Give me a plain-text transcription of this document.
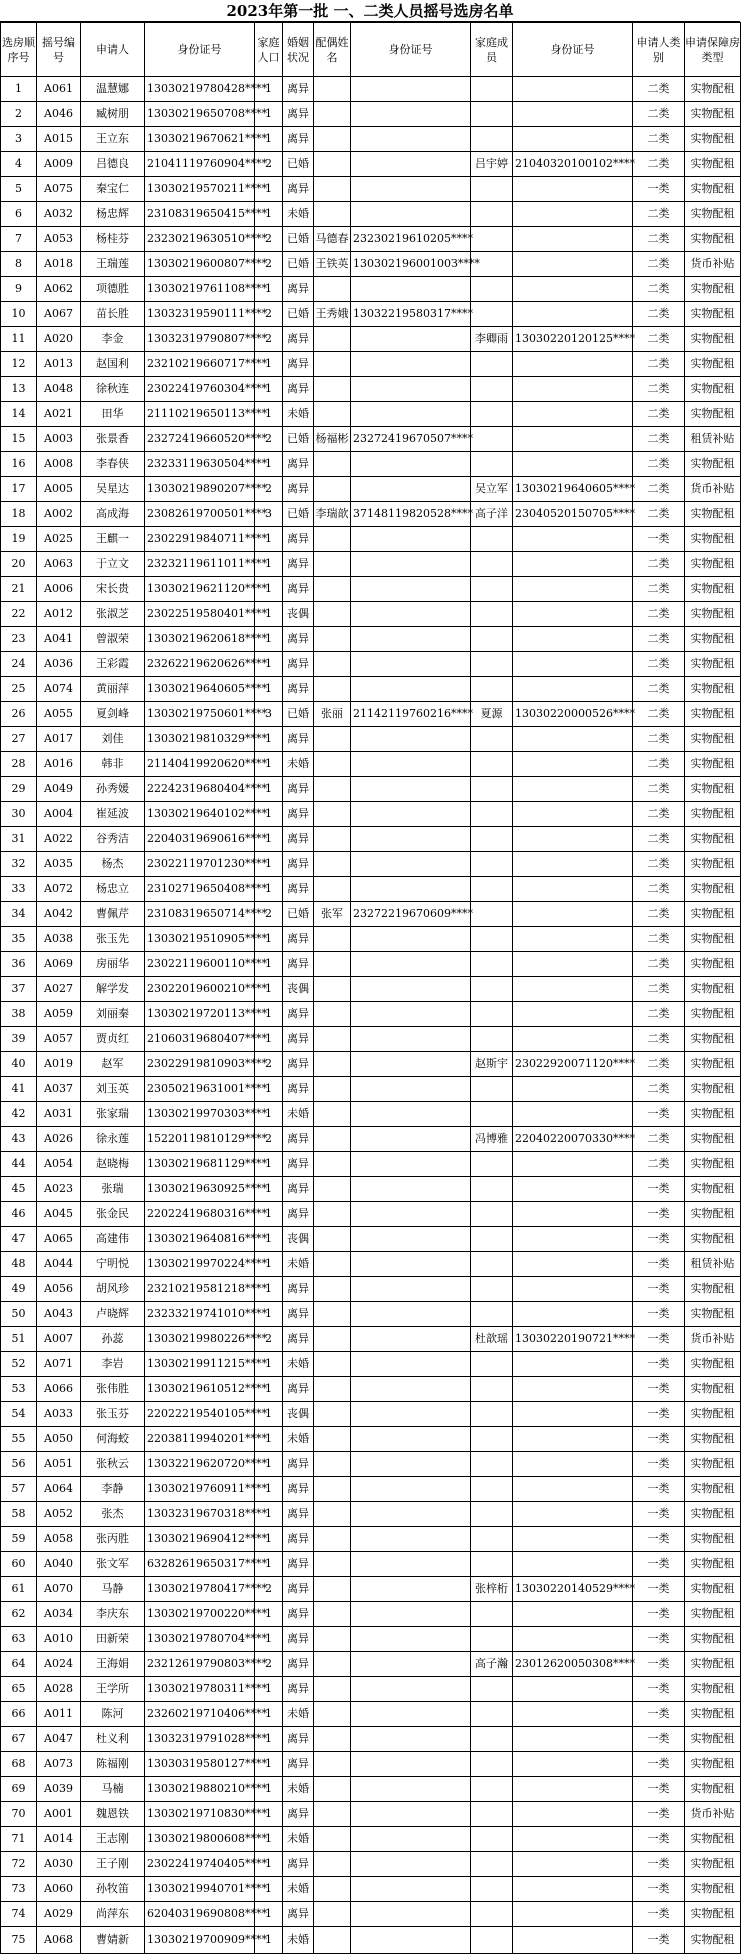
2023年第一批 一、二类人员摇号选房名单
选房顺序号	摇号编号	申请人	身份证号	家庭人口	婚姻状况	配偶姓名	身份证号	家庭成员	身份证号	申请人类别	申请保障房类型
1	A061	温慧娜	13030219780428****	1	离异					二类	实物配租
2	A046	臧树朋	13030219650708****	1	离异					二类	实物配租
3	A015	王立东	13030219670621****	1	离异					二类	实物配租
4	A009	吕德良	21041119760904****	2	已婚			吕宇婷	21040320100102****	二类	实物配租
5	A075	秦宝仁	13030219570211****	1	离异					一类	实物配租
6	A032	杨忠辉	23108319650415****	1	未婚					二类	实物配租
7	A053	杨桂芬	23230219630510****	2	已婚	马德春	23230219610205****			二类	实物配租
8	A018	王瑞莲	13030219600807****	2	已婚	王铁英	13030219600100З****			二类	货币补贴
9	A062	项德胜	13030219761108****	1	离异					二类	实物配租
10	A067	苗长胜	13032319590111****	2	已婚	王秀娥	13032219580317****			二类	实物配租
11	A020	李金	13032319790807****	2	离异			李卿雨	13030220120125****	二类	实物配租
12	A013	赵国利	23210219660717****	1	离异					二类	实物配租
13	A048	徐秋连	23022419760304****	1	离异					二类	实物配租
14	A021	田华	21110219650113****	1	未婚					二类	实物配租
15	A003	张景香	23272419660520****	2	已婚	杨福彬	23272419670507****			二类	租赁补贴
16	A008	李春侠	23233119630504****	1	离异					二类	实物配租
17	A005	吴星达	13030219890207****	2	离异			吴立军	13030219640605****	二类	货币补贴
18	A002	高成海	23082619700501****	3	已婚	李瑞歆	37148119820528****	高子洋	23040520150705****	二类	实物配租
19	A025	王麒一	23022919840711****	1	离异					一类	实物配租
20	A063	于立文	23232119611011****	1	离异					二类	实物配租
21	A006	宋长贵	13030219621120****	1	离异					二类	实物配租
22	A012	张淑芝	23022519580401****	1	丧偶					二类	实物配租
23	A041	曾淑荣	13030219620618****	1	离异					二类	实物配租
24	A036	王彩霞	23262219620626****	1	离异					二类	实物配租
25	A074	黄丽萍	13030219640605****	1	离异					二类	实物配租
26	A055	夏剑峰	13030219750601****	3	已婚	张丽	21142119760216****	夏源	13030220000526****	二类	实物配租
27	A017	刘佳	13030219810329****	1	离异					二类	实物配租
28	A016	韩非	21140419920620****	1	未婚					二类	实物配租
29	A049	孙秀媛	22242319680404****	1	离异					二类	实物配租
30	A004	崔延波	13030219640102****	1	离异					二类	实物配租
31	A022	谷秀洁	22040319690616****	1	离异					二类	实物配租
32	A035	杨杰	23022119701230****	1	离异					二类	实物配租
33	A072	杨忠立	23102719650408****	1	离异					二类	实物配租
34	A042	曹佩芹	23108319650714****	2	已婚	张军	23272219670609****			二类	实物配租
35	A038	张玉先	13030219510905****	1	离异					二类	实物配租
36	A069	房丽华	23022119600110****	1	离异					二类	实物配租
37	A027	解学发	23022019600210****	1	丧偶					二类	实物配租
38	A059	刘丽秦	13030219720113****	1	离异					二类	实物配租
39	A057	贾贞红	21060319680407****	1	离异					二类	实物配租
40	A019	赵军	23022919810903****	2	离异			赵斯宇	23022920071120****	二类	实物配租
41	A037	刘玉英	23050219631001****	1	离异					二类	实物配租
42	A031	张家瑞	13030219970303****	1	未婚					一类	实物配租
43	A026	徐永莲	15220119810129****	2	离异			冯博雅	22040220070330****	二类	实物配租
44	A054	赵晓梅	13030219681129****	1	离异					二类	实物配租
45	A023	张瑞	13030219630925****	1	离异					一类	实物配租
46	A045	张金民	22022419680316****	1	离异					一类	实物配租
47	A065	高建伟	13030219640816****	1	丧偶					一类	实物配租
48	A044	宁明悦	13030219970224****	1	未婚					一类	租赁补贴
49	A056	胡风珍	23210219581218****	1	离异					一类	实物配租
50	A043	卢晓辉	23233219741010****	1	离异					一类	实物配租
51	A007	孙蕊	13030219980226****	2	离异			杜歆瑶	13030220190721****	一类	货币补贴
52	A071	李岩	13030219911215****	1	未婚					一类	实物配租
53	A066	张伟胜	13030219610512****	1	离异					一类	实物配租
54	A033	张玉芬	22022219540105****	1	丧偶					一类	实物配租
55	A050	何海蛟	22038119940201****	1	未婚					一类	实物配租
56	A051	张秋云	13032219620720****	1	离异					一类	实物配租
57	A064	李静	13030219760911****	1	离异					一类	实物配租
58	A052	张杰	13032319670318****	1	离异					一类	实物配租
59	A058	张丙胜	13030219690412****	1	离异					一类	实物配租
60	A040	张文军	63282619650317****	1	离异					一类	实物配租
61	A070	马静	13030219780417****	2	离异			张梓桁	13030220140529****	一类	实物配租
62	A034	李庆东	13030219700220****	1	离异					一类	实物配租
63	A010	田新荣	13030219780704****	1	离异					一类	实物配租
64	A024	王海娟	23212619790803****	2	离异			高子瀚	23012620050308****	一类	实物配租
65	A028	王学所	13030219780311****	1	离异					一类	实物配租
66	A011	陈河	23260219710406****	1	未婚					一类	实物配租
67	A047	杜义利	13032319791028****	1	离异					一类	实物配租
68	A073	陈福刚	13030319580127****	1	离异					一类	实物配租
69	A039	马楠	13030219880210****	1	未婚					一类	实物配租
70	A001	魏恩铁	13030219710830****	1	离异					一类	货币补贴
71	A014	王志刚	13030219800608****	1	未婚					一类	实物配租
72	A030	王子刚	23022419740405****	1	离异					一类	实物配租
73	A060	孙牧笛	13030219940701****	1	未婚					一类	实物配租
74	A029	尚萍东	62040319690808****	1	离异					一类	实物配租
75	A068	曹婧新	13030219700909****	1	未婚					一类	实物配租
